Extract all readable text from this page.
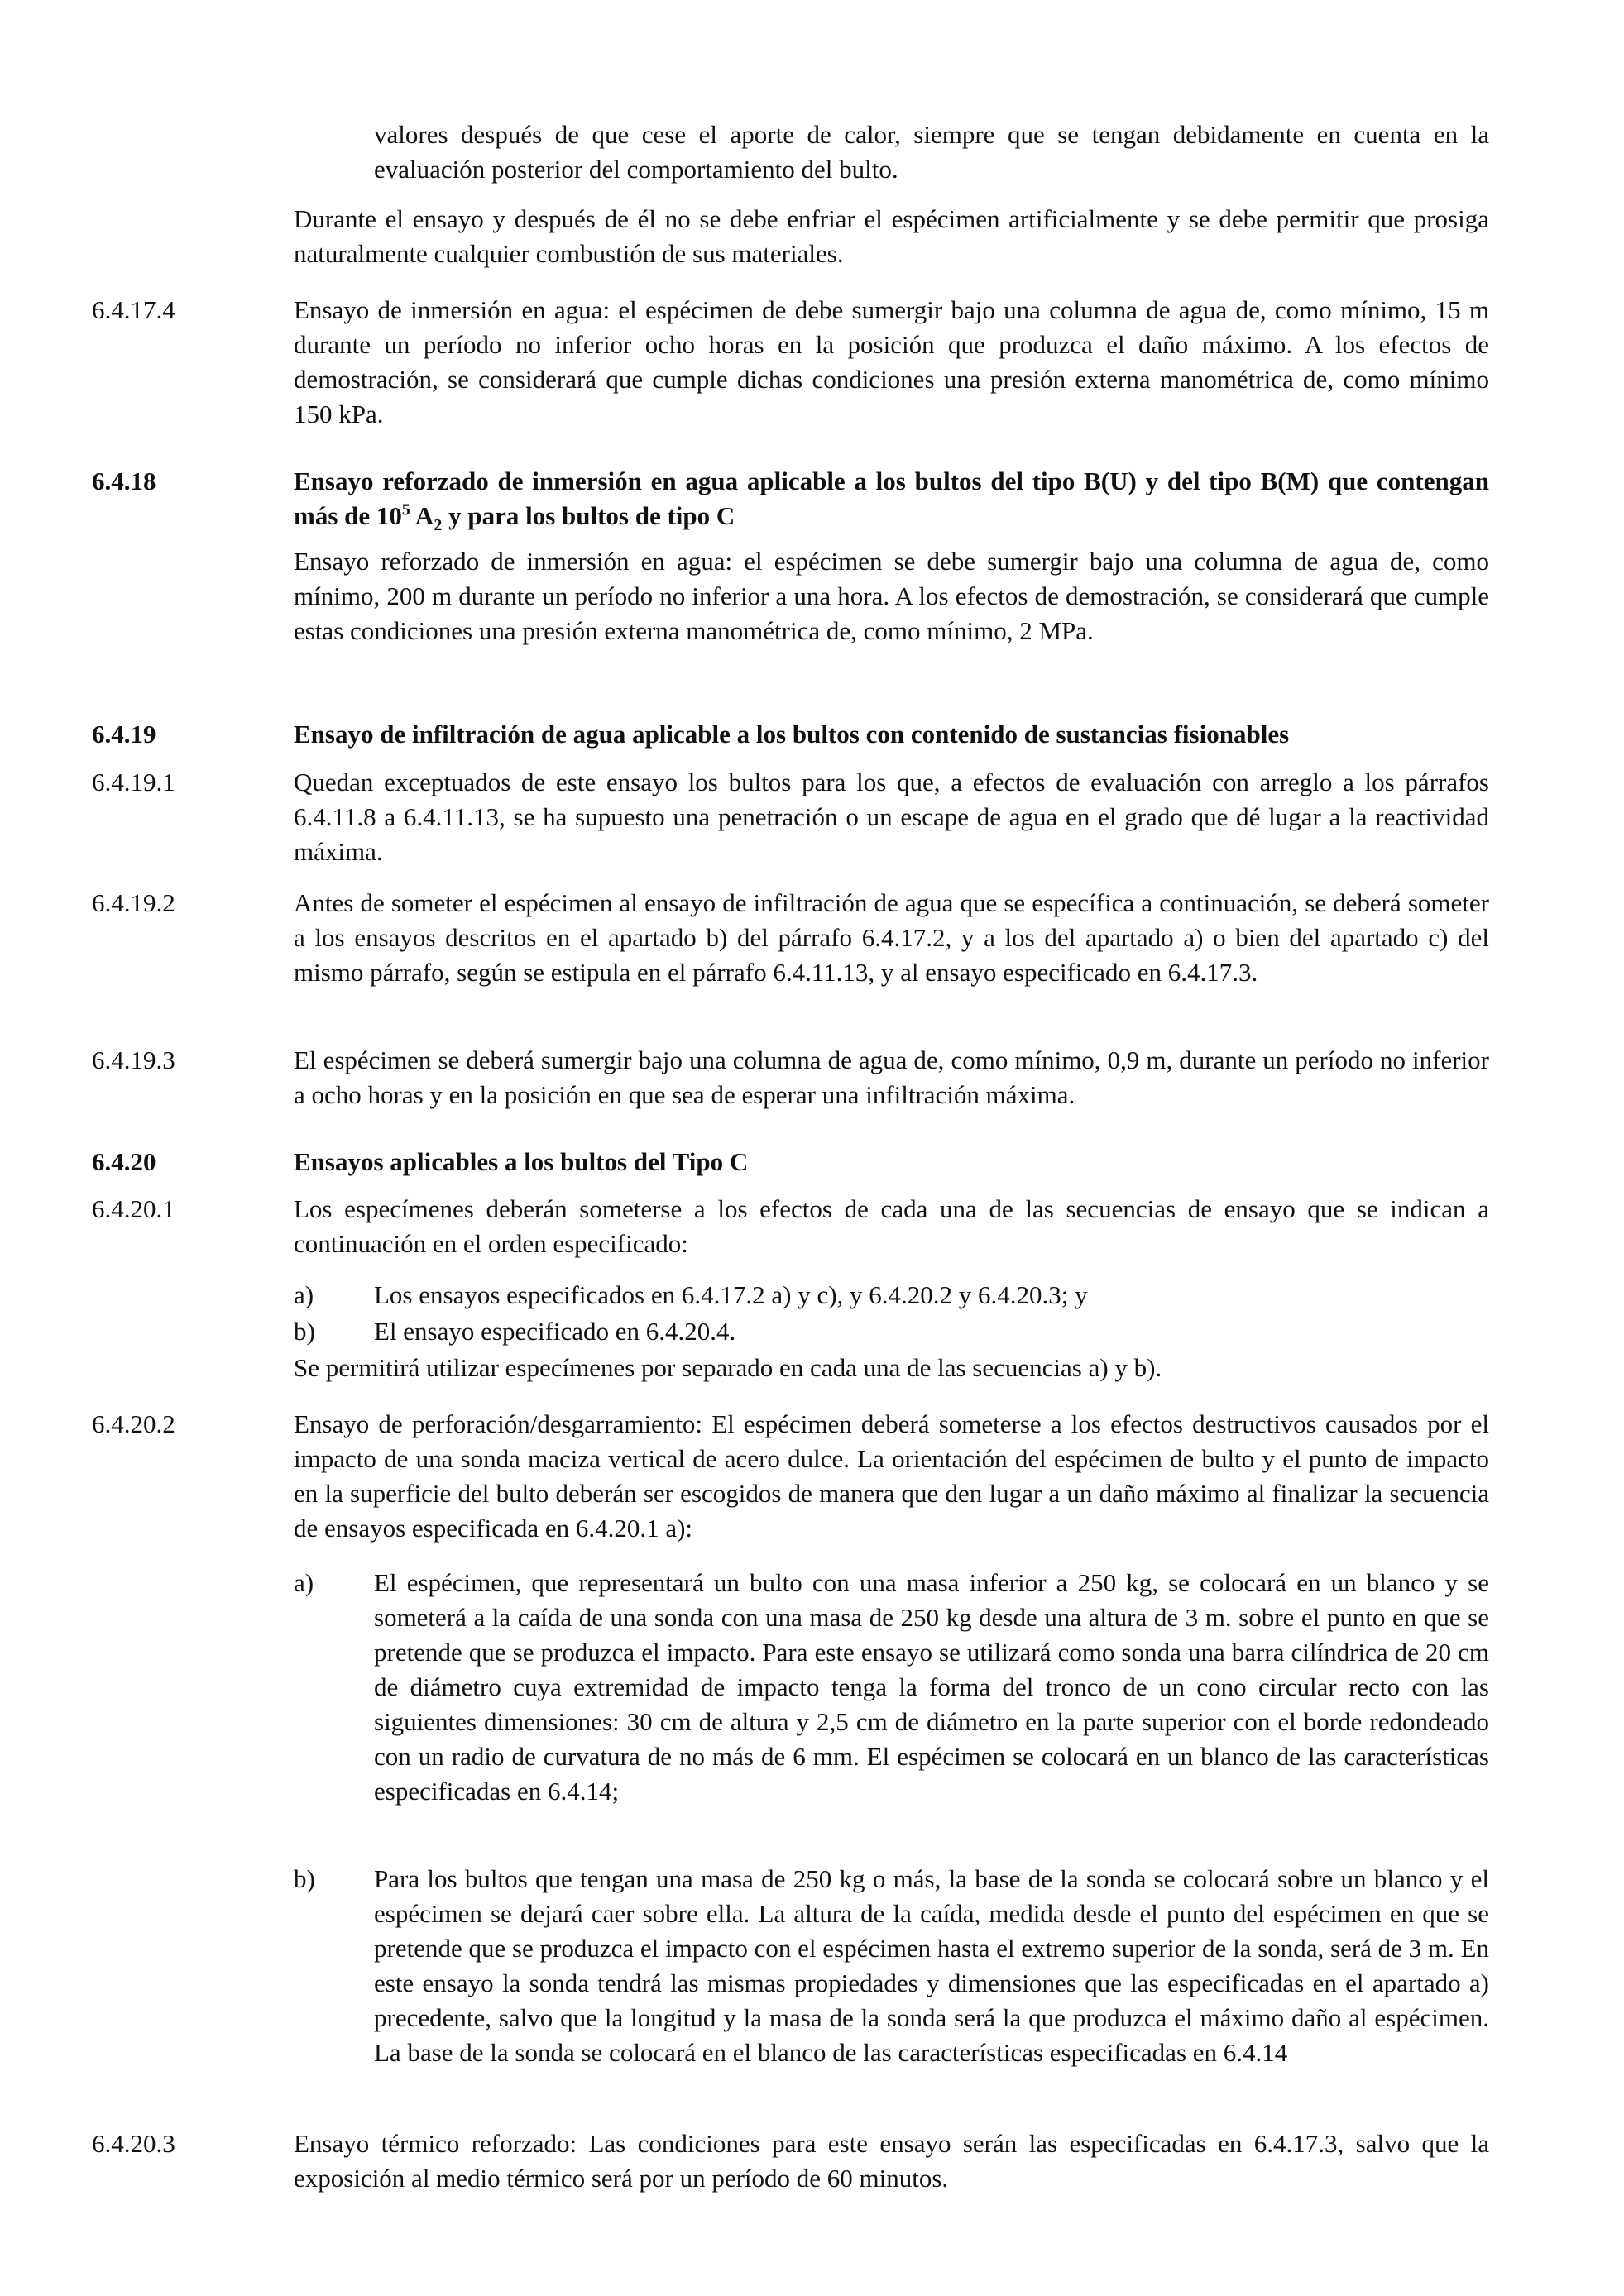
valores después de que cese el aporte de calor, siempre que se tengan debidamente en cuenta en la evaluación posterior del comportamiento del bulto.
Durante el ensayo y después de él no se debe enfriar el espécimen artificialmente y se debe permitir que prosiga naturalmente cualquier combustión de sus materiales.
6.4.17.4	Ensayo de inmersión en agua: el espécimen de debe sumergir bajo una columna de agua de, como mínimo, 15 m durante un período no inferior ocho horas en la posición que produzca el daño máximo. A los efectos de demostración, se considerará que cumple dichas condiciones una presión externa manométrica de, como mínimo 150 kPa.
6.4.18	Ensayo reforzado de inmersión en agua aplicable a los bultos del tipo B(U) y del tipo B(M) que contengan más de $10^5$ $A_2$ y para los bultos de tipo C
Ensayo reforzado de inmersión en agua: el espécimen se debe sumergir bajo una columna de agua de, como mínimo, 200 m durante un período no inferior a una hora. A los efectos de demostración, se considerará que cumple estas condiciones una presión externa manométrica de, como mínimo, 2 MPa.
6.4.19	Ensayo de infiltración de agua aplicable a los bultos con contenido de sustancias fisionables
6.4.19.1	Quedan exceptuados de este ensayo los bultos para los que, a efectos de evaluación con arreglo a los párrafos 6.4.11.8 a 6.4.11.13, se ha supuesto una penetración o un escape de agua en el grado que dé lugar a la reactividad máxima.
6.4.19.2	Antes de someter el espécimen al ensayo de infiltración de agua que se específica a continuación, se deberá someter a los ensayos descritos en el apartado b) del párrafo 6.4.17.2, y a los del apartado a) o bien del apartado c) del mismo párrafo, según se estipula en el párrafo 6.4.11.13, y al ensayo especificado en 6.4.17.3.
6.4.19.3	El espécimen se deberá sumergir bajo una columna de agua de, como mínimo, 0,9 m, durante un período no inferior a ocho horas y en la posición en que sea de esperar una infiltración máxima.
6.4.20	Ensayos aplicables a los bultos del Tipo C
6.4.20.1	Los especímenes deberán someterse a los efectos de cada una de las secuencias de ensayo que se indican a continuación en el orden especificado:
a)	Los ensayos especificados en 6.4.17.2 a) y c), y 6.4.20.2 y 6.4.20.3; y
b)	El ensayo especificado en 6.4.20.4.
Se permitirá utilizar especímenes por separado en cada una de las secuencias a) y b).
6.4.20.2	Ensayo de perforación/desgarramiento: El espécimen deberá someterse a los efectos destructivos causados por el impacto de una sonda maciza vertical de acero dulce. La orientación del espécimen de bulto y el punto de impacto en la superficie del bulto deberán ser escogidos de manera que den lugar a un daño máximo al finalizar la secuencia de ensayos especificada en 6.4.20.1 a):
a)	El espécimen, que representará un bulto con una masa inferior a 250 kg, se colocará en un blanco y se someterá a la caída de una sonda con una masa de 250 kg desde una altura de 3 m. sobre el punto en que se pretende que se produzca el impacto. Para este ensayo se utilizará como sonda una barra cilíndrica de 20 cm de diámetro cuya extremidad de impacto tenga la forma del tronco de un cono circular recto con las siguientes dimensiones: 30 cm de altura y 2,5 cm de diámetro en la parte superior con el borde redondeado con un radio de curvatura de no más de 6 mm. El espécimen se colocará en un blanco de las características especificadas en 6.4.14;
b)	Para los bultos que tengan una masa de 250 kg o más, la base de la sonda se colocará sobre un blanco y el espécimen se dejará caer sobre ella. La altura de la caída, medida desde el punto del espécimen en que se pretende que se produzca el impacto con el espécimen hasta el extremo superior de la sonda, será de 3 m. En este ensayo la sonda tendrá las mismas propiedades y dimensiones que las especificadas en el apartado a) precedente, salvo que la longitud y la masa de la sonda será la que produzca el máximo daño al espécimen. La base de la sonda se colocará en el blanco de las características especificadas en 6.4.14
6.4.20.3	Ensayo térmico reforzado: Las condiciones para este ensayo serán las especificadas en 6.4.17.3, salvo que la exposición al medio térmico será por un período de 60 minutos.
